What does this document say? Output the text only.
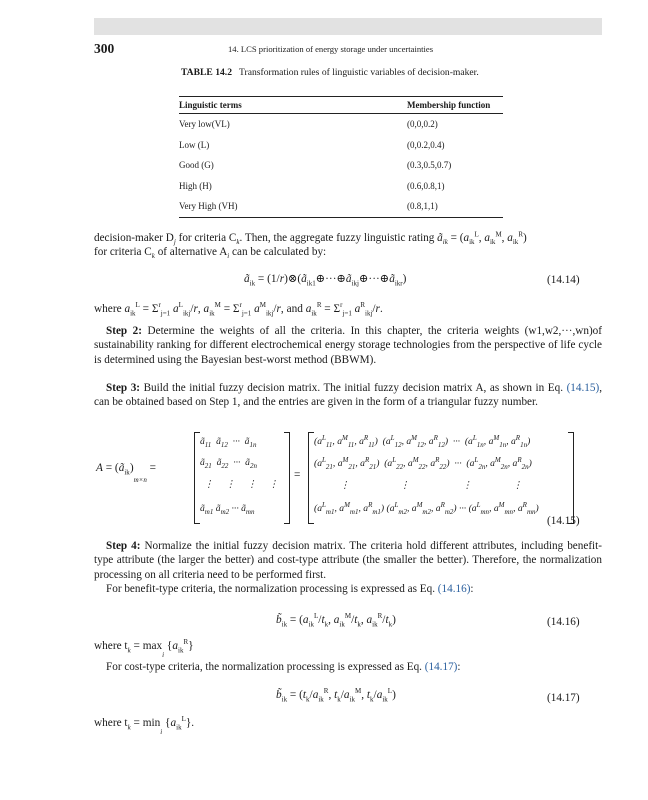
300	14. LCS prioritization of energy storage under uncertainties
TABLE 14.2 Transformation rules of linguistic variables of decision-maker.
Linguistic terms	Membership function
Very low(VL)	(0,0,0.2)
Low (L)	(0,0.2,0.4)
Good (G)	(0.3,0.5,0.7)
High (H)	(0.6,0.8,1)
Very High (VH)	(0.8,1,1)
decision-maker $D_j$ for criteria $C_k$. Then, the aggregate fuzzy linguistic rating $ã_{ik} = (a_{ik}^L$, $a_{ik}^M$, $a_{ik}^R$)
for criteria $C_k$ of alternative $A_i$ can be calculated by:
$ã_{ik}$ = $(1/r)\otimes(ã_{ik1}\oplus\cdot\cdot\cdot\oplus ã_{ikj}\oplus\cdot\cdot\cdot\oplus ã_{ikr})$	(14.14)
where $a_{ik}^L = \Sigma^r_{j=1}$ $a^L_{ikj}/r$, $a_{ik}^M = \Sigma^r_{j=1}$ $a^M_{ikj}/r$, and $a_{ik}^R = \Sigma^r_{j=1}$ $a^R_{ikj}/r$.
Step 2: Determine the weights of all the criteria. In this chapter, the criteria weights (w1,w2,···,wn)of sustainability ranking for different electrochemical energy storage technologies from the perspective of life cycle is determined using the Bayesian best-worst method (BBWM).
Step 3: Build the initial fuzzy decision matrix. The initial fuzzy decision matrix A, as shown in Eq. (14.15), can be obtained based on Step 1, and the entries are given in the form of a triangular fuzzy number.
$A = (ã_{ik})_{m\times n}$ =
$ã_{11}$  $ã_{12}$  ···  $ã_{1n}$
$ã_{21}$  $ã_{22}$  ···  $ã_{2n}$
⋮     ⋮     ⋮     ⋮
$ã_{m1}$ $ã_{m2}$ ··· $ã_{mn}$
=
($a^L_{11}$, $a^M_{11}$, $a^R_{11}$)  ($a^L_{12}$, $a^M_{12}$, $a^R_{12}$)  ···  ($a^L_{1n}$, $a^M_{1n}$, $a^R_{1n}$)
($a^L_{21}$, $a^M_{21}$, $a^R_{21}$)  ($a^L_{22}$, $a^M_{22}$, $a^R_{22}$)  ···  ($a^L_{2n}$, $a^M_{2n}$, $a^R_{2n}$)
⋮                     ⋮                      ⋮                 ⋮
($a^L_{m1}$, $a^M_{m1}$, $a^R_{m1}$) ($a^L_{m2}$, $a^M_{m2}$, $a^R_{m2}$) ··· ($a^L_{mn}$, $a^M_{mn}$, $a^R_{mn}$)
(14.15)
Step 4: Normalize the initial fuzzy decision matrix. The criteria hold different attributes, including benefit-type attribute (the larger the better) and cost-type attribute (the smaller the better). Therefore, the normalization processing on all criteria need to be performed first.
For benefit-type criteria, the normalization processing is expressed as Eq. (14.16):
$b̃_{ik} = (a_{ik}^L/t_k$, $a_{ik}^M/t_k$, $a_{ik}^R/t_k$)	(14.16)
where $t_k = \max_i \{a_{ik}^R\}$
For cost-type criteria, the normalization processing is expressed as Eq. (14.17):
$b̃_{ik} = (t_k/a_{ik}^R$, $t_k/a_{ik}^M$, $t_k/a_{ik}^L$)	(14.17)
where $t_k = \min_i \{a_{ik}^L\}$.
